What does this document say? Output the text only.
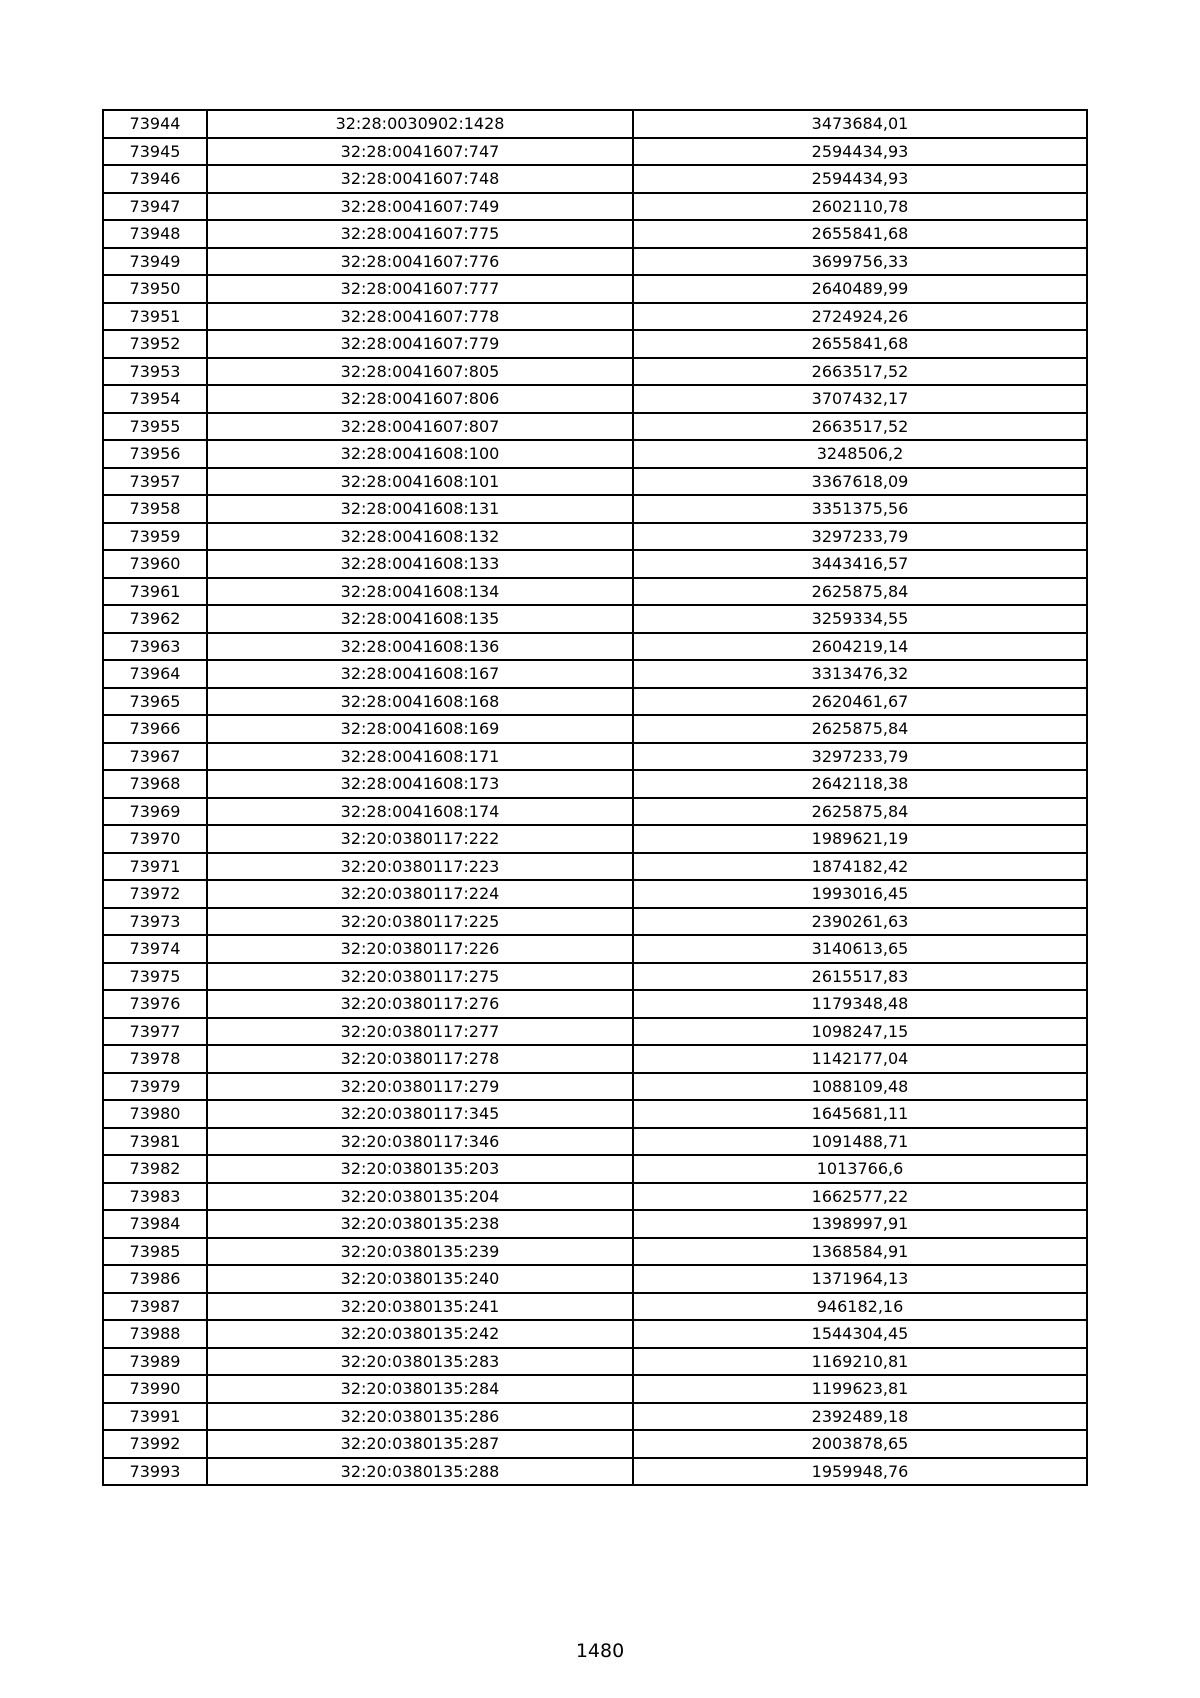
73944	32:28:0030902:1428	3473684,01
73945	32:28:0041607:747	2594434,93
73946	32:28:0041607:748	2594434,93
73947	32:28:0041607:749	2602110,78
73948	32:28:0041607:775	2655841,68
73949	32:28:0041607:776	3699756,33
73950	32:28:0041607:777	2640489,99
73951	32:28:0041607:778	2724924,26
73952	32:28:0041607:779	2655841,68
73953	32:28:0041607:805	2663517,52
73954	32:28:0041607:806	3707432,17
73955	32:28:0041607:807	2663517,52
73956	32:28:0041608:100	3248506,2
73957	32:28:0041608:101	3367618,09
73958	32:28:0041608:131	3351375,56
73959	32:28:0041608:132	3297233,79
73960	32:28:0041608:133	3443416,57
73961	32:28:0041608:134	2625875,84
73962	32:28:0041608:135	3259334,55
73963	32:28:0041608:136	2604219,14
73964	32:28:0041608:167	3313476,32
73965	32:28:0041608:168	2620461,67
73966	32:28:0041608:169	2625875,84
73967	32:28:0041608:171	3297233,79
73968	32:28:0041608:173	2642118,38
73969	32:28:0041608:174	2625875,84
73970	32:20:0380117:222	1989621,19
73971	32:20:0380117:223	1874182,42
73972	32:20:0380117:224	1993016,45
73973	32:20:0380117:225	2390261,63
73974	32:20:0380117:226	3140613,65
73975	32:20:0380117:275	2615517,83
73976	32:20:0380117:276	1179348,48
73977	32:20:0380117:277	1098247,15
73978	32:20:0380117:278	1142177,04
73979	32:20:0380117:279	1088109,48
73980	32:20:0380117:345	1645681,11
73981	32:20:0380117:346	1091488,71
73982	32:20:0380135:203	1013766,6
73983	32:20:0380135:204	1662577,22
73984	32:20:0380135:238	1398997,91
73985	32:20:0380135:239	1368584,91
73986	32:20:0380135:240	1371964,13
73987	32:20:0380135:241	946182,16
73988	32:20:0380135:242	1544304,45
73989	32:20:0380135:283	1169210,81
73990	32:20:0380135:284	1199623,81
73991	32:20:0380135:286	2392489,18
73992	32:20:0380135:287	2003878,65
73993	32:20:0380135:288	1959948,76
1480
